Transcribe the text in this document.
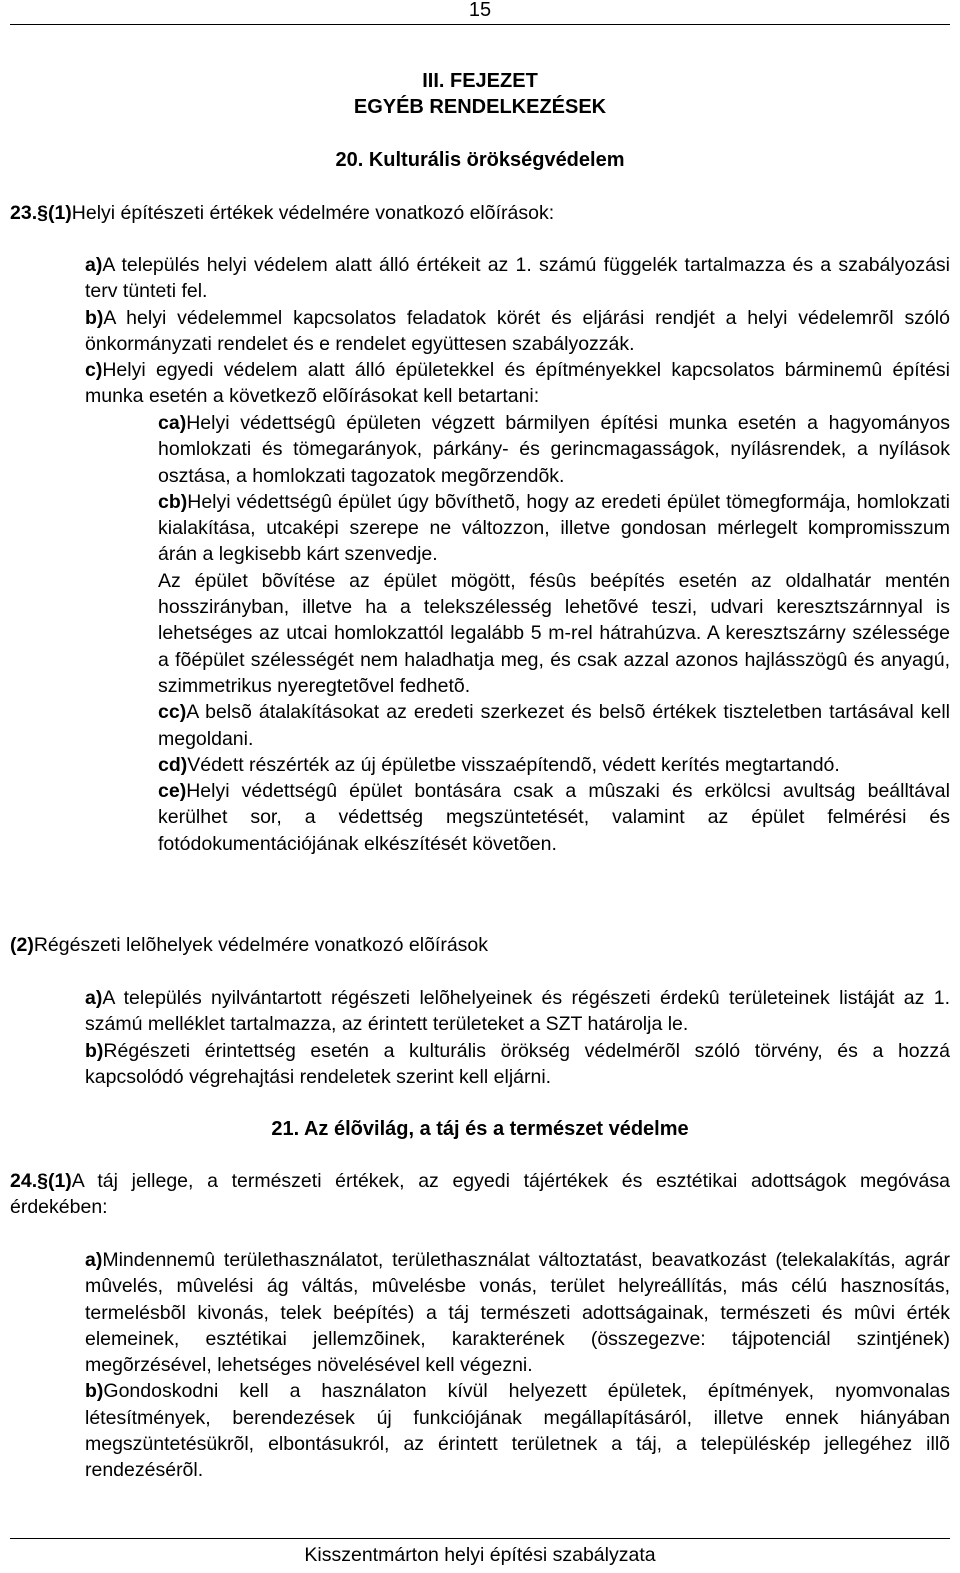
15
III. FEJEZET
EGYÉB RENDELKEZÉSEK
20. Kulturális örökségvédelem

23.§(1)Helyi építészeti értékek védelmére vonatkozó elõírások:

a)A település helyi védelem alatt álló értékeit az 1. számú függelék tartalmazza és a szabályozási terv tünteti fel.

b)A helyi védelemmel kapcsolatos feladatok körét és eljárási rendjét a helyi védelemrõl szóló önkormányzati rendelet és e rendelet együttesen szabályozzák.

c)Helyi egyedi védelem alatt álló épületekkel és építményekkel kapcsolatos bárminemû építési munka esetén a következõ elõírásokat kell betartani:

ca)Helyi védettségû épületen végzett bármilyen építési munka esetén a hagyományos homlokzati és tömegarányok, párkány- és gerincmagasságok, nyílásrendek, a nyílások osztása, a homlokzati tagozatok megõrzendõk.

cb)Helyi védettségû épület úgy bõvíthetõ, hogy az eredeti épület tömegformája, homlokzati kialakítása, utcaképi szerepe ne változzon, illetve gondosan mérlegelt kompromisszum árán a legkisebb kárt szenvedje.

Az épület bõvítése az épület mögött, fésûs beépítés esetén az oldalhatár mentén hosszirányban, illetve ha a telekszélesség lehetõvé teszi, udvari keresztszárnnyal is lehetséges az utcai homlokzattól legalább 5 m-rel hátrahúzva. A keresztszárny szélessége a fõépület szélességét nem haladhatja meg, és csak azzal azonos hajlásszögû és anyagú, szimmetrikus nyeregtetõvel fedhetõ.

cc)A belsõ átalakításokat az eredeti szerkezet és belsõ értékek tiszteletben tartásával kell megoldani.

cd)Védett részérték az új épületbe visszaépítendõ, védett kerítés megtartandó.

ce)Helyi védettségû épület bontására csak a mûszaki és erkölcsi avultság beálltával kerülhet sor, a védettség megszüntetését, valamint az épület felmérési és fotódokumentációjának elkészítését követõen.

(2)Régészeti lelõhelyek védelmére vonatkozó elõírások

a)A település nyilvántartott régészeti lelõhelyeinek és régészeti érdekû területeinek listáját az 1. számú melléklet tartalmazza, az érintett területeket a SZT határolja le.

b)Régészeti érintettség esetén a kulturális örökség védelmérõl szóló törvény, és a hozzá kapcsolódó végrehajtási rendeletek szerint kell eljárni.

21. Az élõvilág, a táj és a természet védelme

24.§(1)A táj jellege, a természeti értékek, az egyedi tájértékek és esztétikai adottságok megóvása érdekében:

a)Mindennemû területhasználatot, területhasználat változtatást, beavatkozást (telekalakítás, agrár mûvelés, mûvelési ág váltás, mûvelésbe vonás, terület helyreállítás, más célú hasznosítás, termelésbõl kivonás, telek beépítés) a táj természeti adottságainak, természeti és mûvi érték elemeinek, esztétikai jellemzõinek, karakterének (összegezve: tájpotenciál szintjének) megõrzésével, lehetséges növelésével kell végezni.

b)Gondoskodni kell a használaton kívül helyezett épületek, építmények, nyomvonalas létesítmények, berendezések új funkciójának megállapításáról, illetve ennek hiányában megszüntetésükrõl, elbontásukról, az érintett területnek a táj, a településkép jellegéhez illõ rendezésérõl.

Kisszentmárton helyi építési szabályzata
